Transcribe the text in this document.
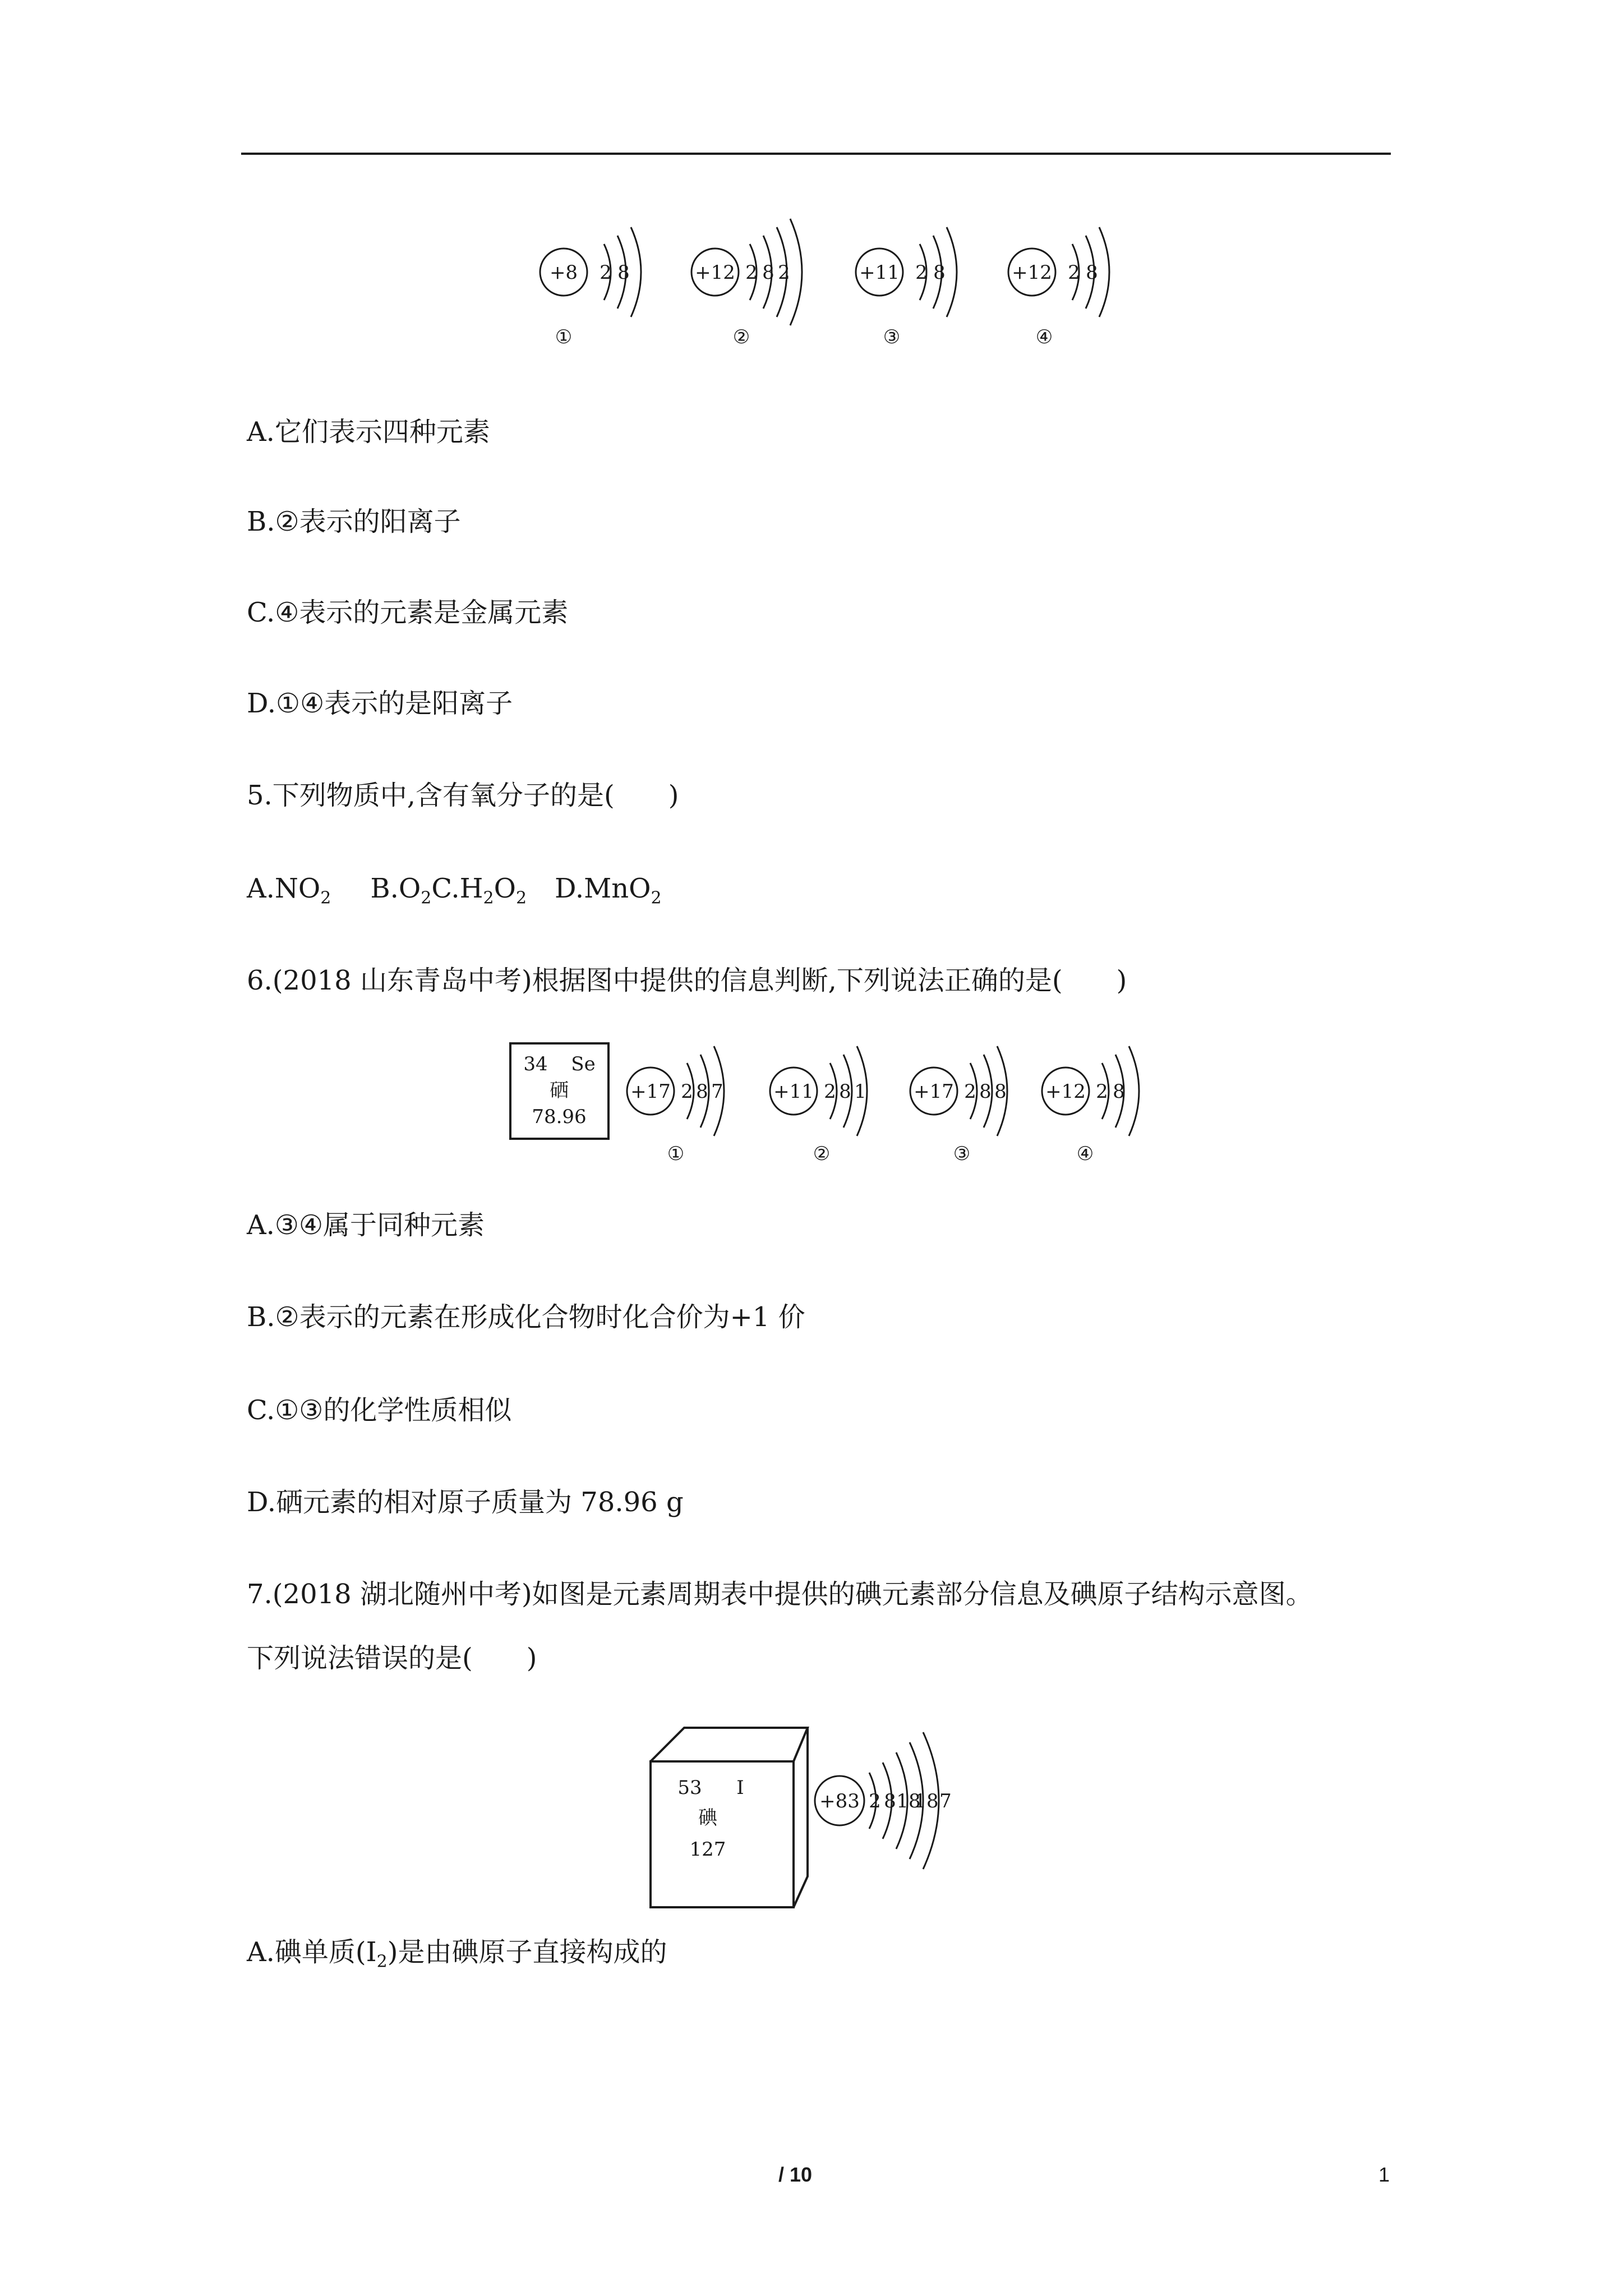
+8 2 8
①
+12 2 8 2
②
+11 2 8
③
+12 2 8
④
A.它们表示四种元素
B.②表示的阳离子
C.④表示的元素是金属元素
D.①④表示的是阳离子
5.下列物质中,含有氧分子的是(　　)
$A.NO_2$ $B.O_2C.H_2O_2$ D.MnO$_2$
6.(2018 山东青岛中考)根据图中提供的信息判断,下列说法正确的是(　　)
34 Se
硒
78.96
+17 2 8 7
①
+11 2 8 1
②
+17 2 8 8
③
+12 2 8
④
A.③④属于同种元素
B.②表示的元素在形成化合物时化合价为+1 价
C.①③的化学性质相似
D.硒元素的相对原子质量为 78.96 g
7.(2018 湖北随州中考)如图是元素周期表中提供的碘元素部分信息及碘原子结构示意图。
下列说法错误的是(　　)
53 I
碘
127
+83 2 8 18
18 7
A.碘单质$(I_2)$是由碘原子直接构成的
/ 10	1
